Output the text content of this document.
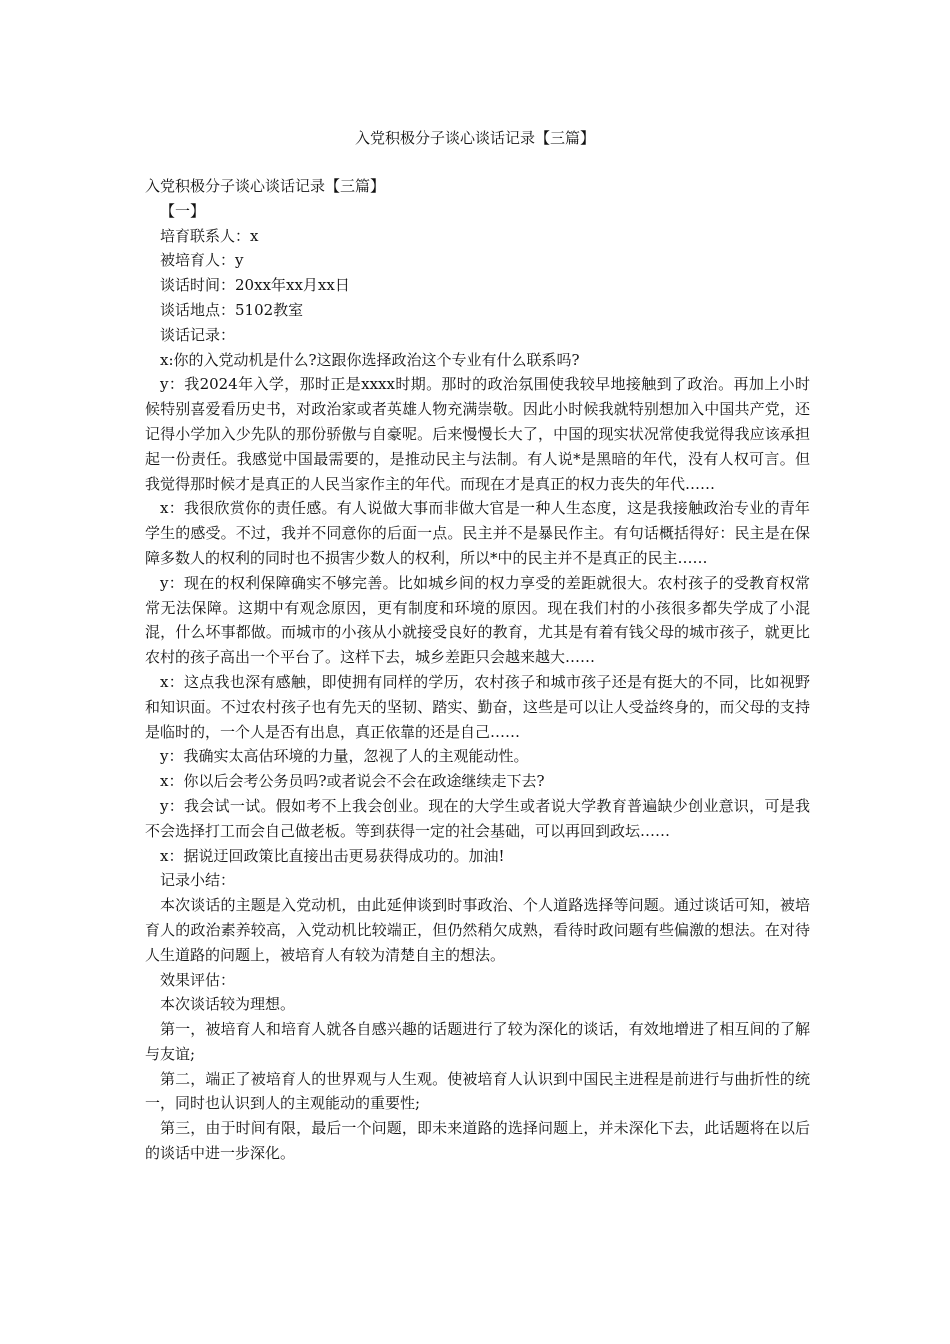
入党积极分子谈心谈话记录【三篇】

入党积极分子谈心谈话记录【三篇】

【一】

培育联系人：x

被培育人：y

谈话时间：20xx年xx月xx日

谈话地点：5102教室

谈话记录：

x:你的入党动机是什么?这跟你选择政治这个专业有什么联系吗?

y：我2024年入学，那时正是xxxx时期。那时的政治氛围使我较早地接触到了政治。再加上小时候特别喜爱看历史书，对政治家或者英雄人物充满崇敬。因此小时候我就特别想加入中国共产党，还记得小学加入少先队的那份骄傲与自豪呢。后来慢慢长大了，中国的现实状况常使我觉得我应该承担起一份责任。我感觉中国最需要的，是推动民主与法制。有人说*是黑暗的年代，没有人权可言。但我觉得那时候才是真正的人民当家作主的年代。而现在才是真正的权力丧失的年代……

x：我很欣赏你的责任感。有人说做大事而非做大官是一种人生态度，这是我接触政治专业的青年学生的感受。不过，我并不同意你的后面一点。民主并不是暴民作主。有句话概括得好：民主是在保障多数人的权利的同时也不损害少数人的权利，所以*中的民主并不是真正的民主……

y：现在的权利保障确实不够完善。比如城乡间的权力享受的差距就很大。农村孩子的受教育权常常无法保障。这期中有观念原因，更有制度和环境的原因。现在我们村的小孩很多都失学成了小混混，什么坏事都做。而城市的小孩从小就接受良好的教育，尤其是有着有钱父母的城市孩子，就更比农村的孩子高出一个平台了。这样下去，城乡差距只会越来越大……

x：这点我也深有感触，即使拥有同样的学历，农村孩子和城市孩子还是有挺大的不同，比如视野和知识面。不过农村孩子也有先天的坚韧、踏实、勤奋，这些是可以让人受益终身的，而父母的支持是临时的，一个人是否有出息，真正依靠的还是自己……

y：我确实太高估环境的力量，忽视了人的主观能动性。

x：你以后会考公务员吗?或者说会不会在政途继续走下去?

y：我会试一试。假如考不上我会创业。现在的大学生或者说大学教育普遍缺少创业意识，可是我不会选择打工而会自己做老板。等到获得一定的社会基础，可以再回到政坛……

x：据说迂回政策比直接出击更易获得成功的。加油!

记录小结：

本次谈话的主题是入党动机，由此延伸谈到时事政治、个人道路选择等问题。通过谈话可知，被培育人的政治素养较高，入党动机比较端正，但仍然稍欠成熟，看待时政问题有些偏激的想法。在对待人生道路的问题上，被培育人有较为清楚自主的想法。

效果评估：

本次谈话较为理想。

第一，被培育人和培育人就各自感兴趣的话题进行了较为深化的谈话，有效地增进了相互间的了解与友谊;

第二，端正了被培育人的世界观与人生观。使被培育人认识到中国民主进程是前进行与曲折性的统一，同时也认识到人的主观能动的重要性;

第三，由于时间有限，最后一个问题，即未来道路的选择问题上，并未深化下去，此话题将在以后的谈话中进一步深化。
